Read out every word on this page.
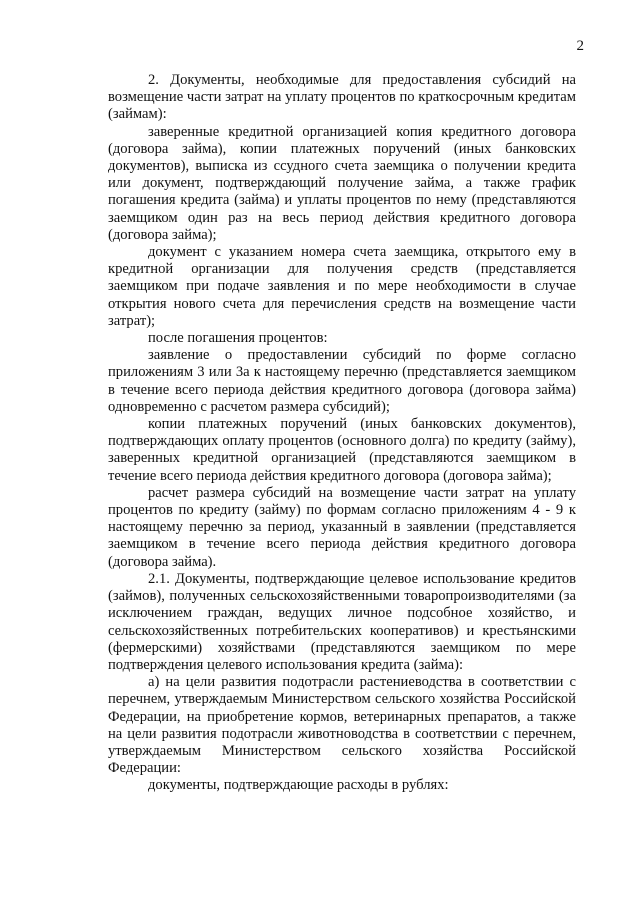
2

2. Документы, необходимые для предоставления субсидий на возмещение части затрат на уплату процентов по краткосрочным кредитам (займам):

заверенные кредитной организацией копия кредитного договора (договора займа), копии платежных поручений (иных банковских документов), выписка из ссудного счета заемщика о получении кредита или документ, подтверждающий получение займа, а также график погашения кредита (займа) и уплаты процентов по нему (представляются заемщиком один раз на весь период действия кредитного договора (договора займа);

документ с указанием номера счета заемщика, открытого ему в кредитной организации для получения средств (представляется заемщиком при подаче заявления и по мере необходимости в случае открытия нового счета для перечисления средств на возмещение части затрат);

после погашения процентов:

заявление о предоставлении субсидий по форме согласно приложениям 3 или 3а к настоящему перечню (представляется заемщиком в течение всего периода действия кредитного договора (договора займа) одновременно с расчетом размера субсидий);

копии платежных поручений (иных банковских документов), подтверждающих оплату процентов (основного долга) по кредиту (займу), заверенных кредитной организацией (представляются заемщиком в течение всего периода действия кредитного договора (договора займа);

расчет размера субсидий на возмещение части затрат на уплату процентов по кредиту (займу) по формам согласно приложениям 4 - 9 к настоящему перечню за период, указанный в заявлении (представляется заемщиком в течение всего периода действия кредитного договора (договора займа).

2.1. Документы, подтверждающие целевое использование кредитов (займов), полученных сельскохозяйственными товаропроизводителями (за исключением граждан, ведущих личное подсобное хозяйство, и сельскохозяйственных потребительских кооперативов) и крестьянскими (фермерскими) хозяйствами (представляются заемщиком по мере подтверждения целевого использования кредита (займа):

а) на цели развития подотрасли растениеводства в соответствии с перечнем, утверждаемым Министерством сельского хозяйства Российской Федерации, на приобретение кормов, ветеринарных препаратов, а также на цели развития подотрасли животноводства в соответствии с перечнем, утверждаемым Министерством сельского хозяйства Российской Федерации:

документы, подтверждающие расходы в рублях:
